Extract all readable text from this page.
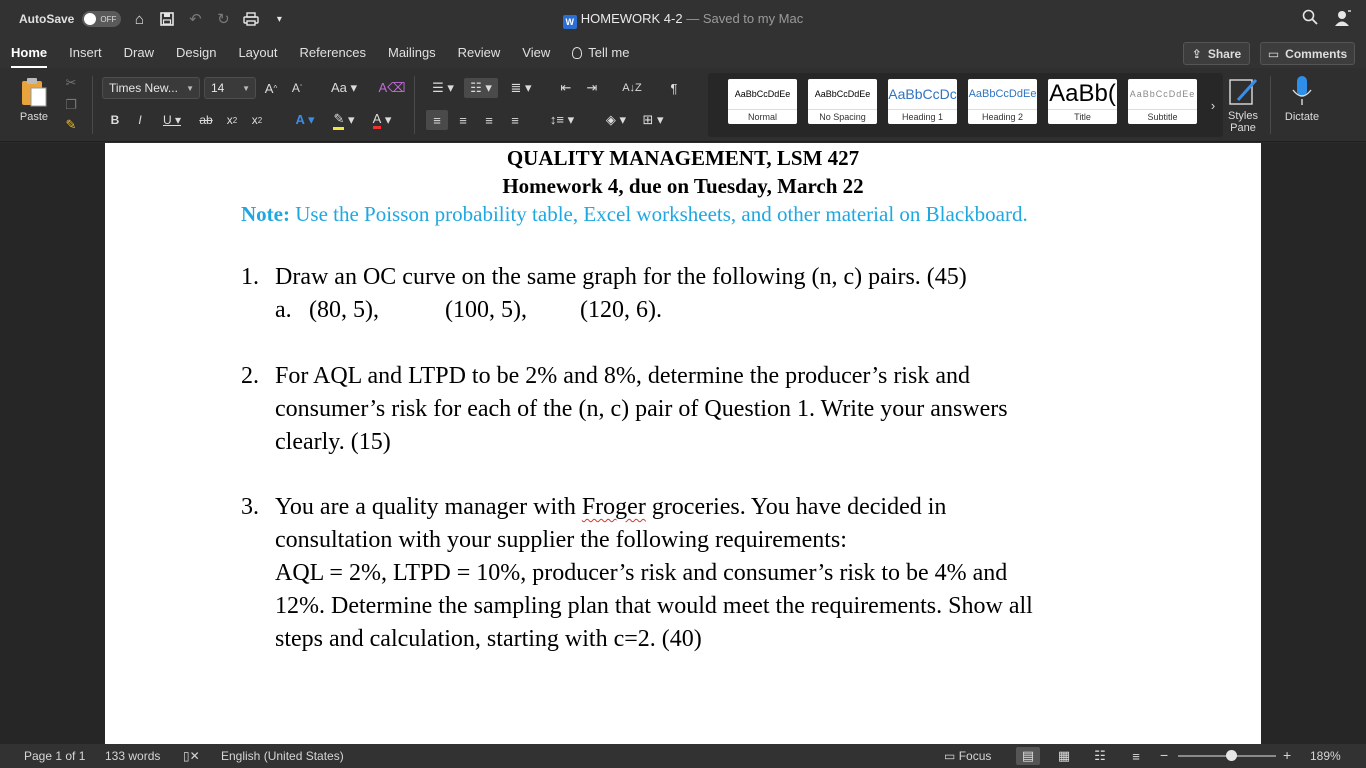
AutoSave	OFF	⌂	↶ ↻	▾	W HOMEWORK 4-2 — Saved to my Mac
Home	Insert	Draw	Design	Layout	References	Mailings	Review	View	Tell me	⇪ Share ▭ Comments
Paste
✂
❐
✎
Times New... ▼ 14 ▼ A ^	A ˇ Aa ▾ A⌫
B	I	U ▾	ab x 2 x 2	A ▾	✎ ▾	A ▾
☰ ▾	☷ ▾	≣ ▾	⇤	⇥	A↓Z	¶
≡	≡	≡	≡	↕≡ ▾	◈ ▾	⊞ ▾
AaBbCcDdEe
Normal
AaBbCcDdEe
No Spacing
AaBbCcDc
Heading 1
AaBbCcDdEe
Heading 2
AaBb(
Title
AaBbCcDdEe
Subtitle
›
Styles Pane
Dictate
QUALITY MANAGEMENT, LSM 427
Homework 4, due on Tuesday, March 22
Note: Use the Poisson probability table, Excel worksheets, and other material on Blackboard.
1. Draw an OC curve on the same graph for the following (n, c) pairs. (45)
a. (80, 5),	(100, 5), (120, 6).
2. For AQL and LTPD to be 2% and 8%, determine the producer’s risk and
consumer’s risk for each of the (n, c) pair of Question 1. Write your answers
clearly. (15)
3. You are a quality manager with Froger groceries. You have decided in
consultation with your supplier the following requirements:
AQL = 2%, LTPD = 10%, producer’s risk and consumer’s risk to be 4% and
12%. Determine the sampling plan that would meet the requirements. Show all
steps and calculation, starting with c=2. (40)
Page 1 of 1 133 words ▯✕ English (United States)	▭ Focus	▤	▦	☷	≡	−	+ 189%
